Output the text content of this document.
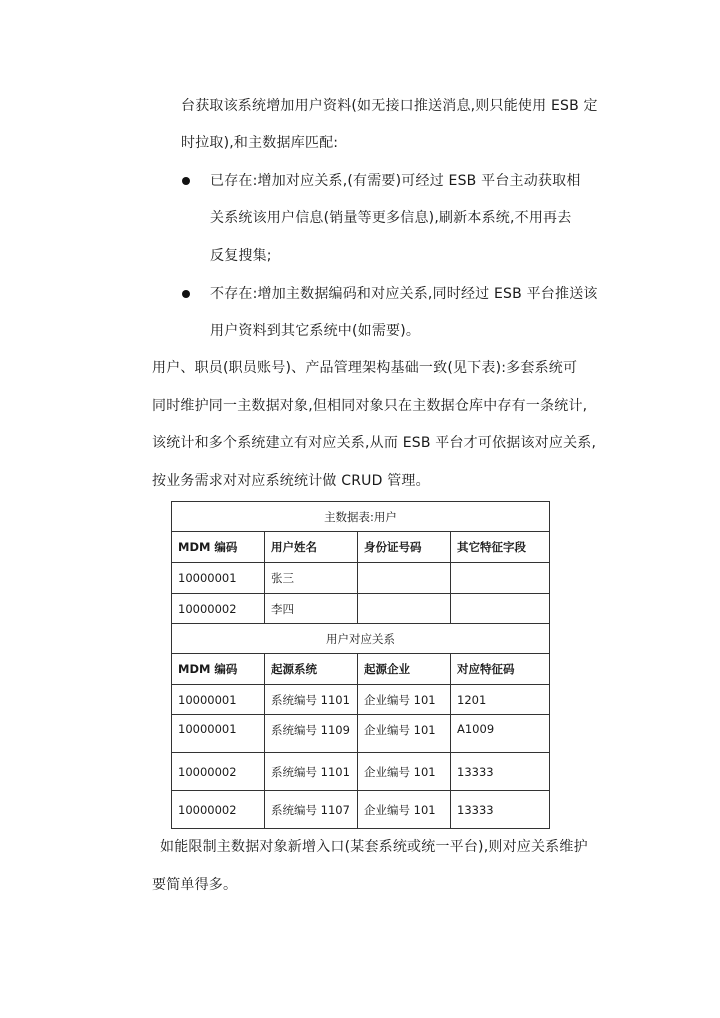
台获取该系统增加用户资料(如无接口推送消息,则只能使用 ESB 定
时拉取),和主数据库匹配:
已存在:增加对应关系,(有需要)可经过 ESB 平台主动获取相
关系统该用户信息(销量等更多信息),刷新本系统,不用再去
反复搜集;
不存在:增加主数据编码和对应关系,同时经过 ESB 平台推送该
用户资料到其它系统中(如需要)。
用户、职员(职员账号)、产品管理架构基础一致(见下表):多套系统可
同时维护同一主数据对象,但相同对象只在主数据仓库中存有一条统计,
该统计和多个系统建立有对应关系,从而 ESB 平台才可依据该对应关系,
按业务需求对对应系统统计做 CRUD 管理。
主数据表:用户			
MDM 编码	用户姓名	身份证号码	其它特征字段
10000001	张三		
10000002	李四		
用户对应关系			
MDM 编码	起源系统	起源企业	对应特征码
10000001	系统编号 1101	企业编号 101	1201
10000001	系统编号 1109	企业编号 101	A1009
10000002	系统编号 1101	企业编号 101	13333
10000002	系统编号 1107	企业编号 101	13333
如能限制主数据对象新增入口(某套系统或统一平台),则对应关系维护
要简单得多。
